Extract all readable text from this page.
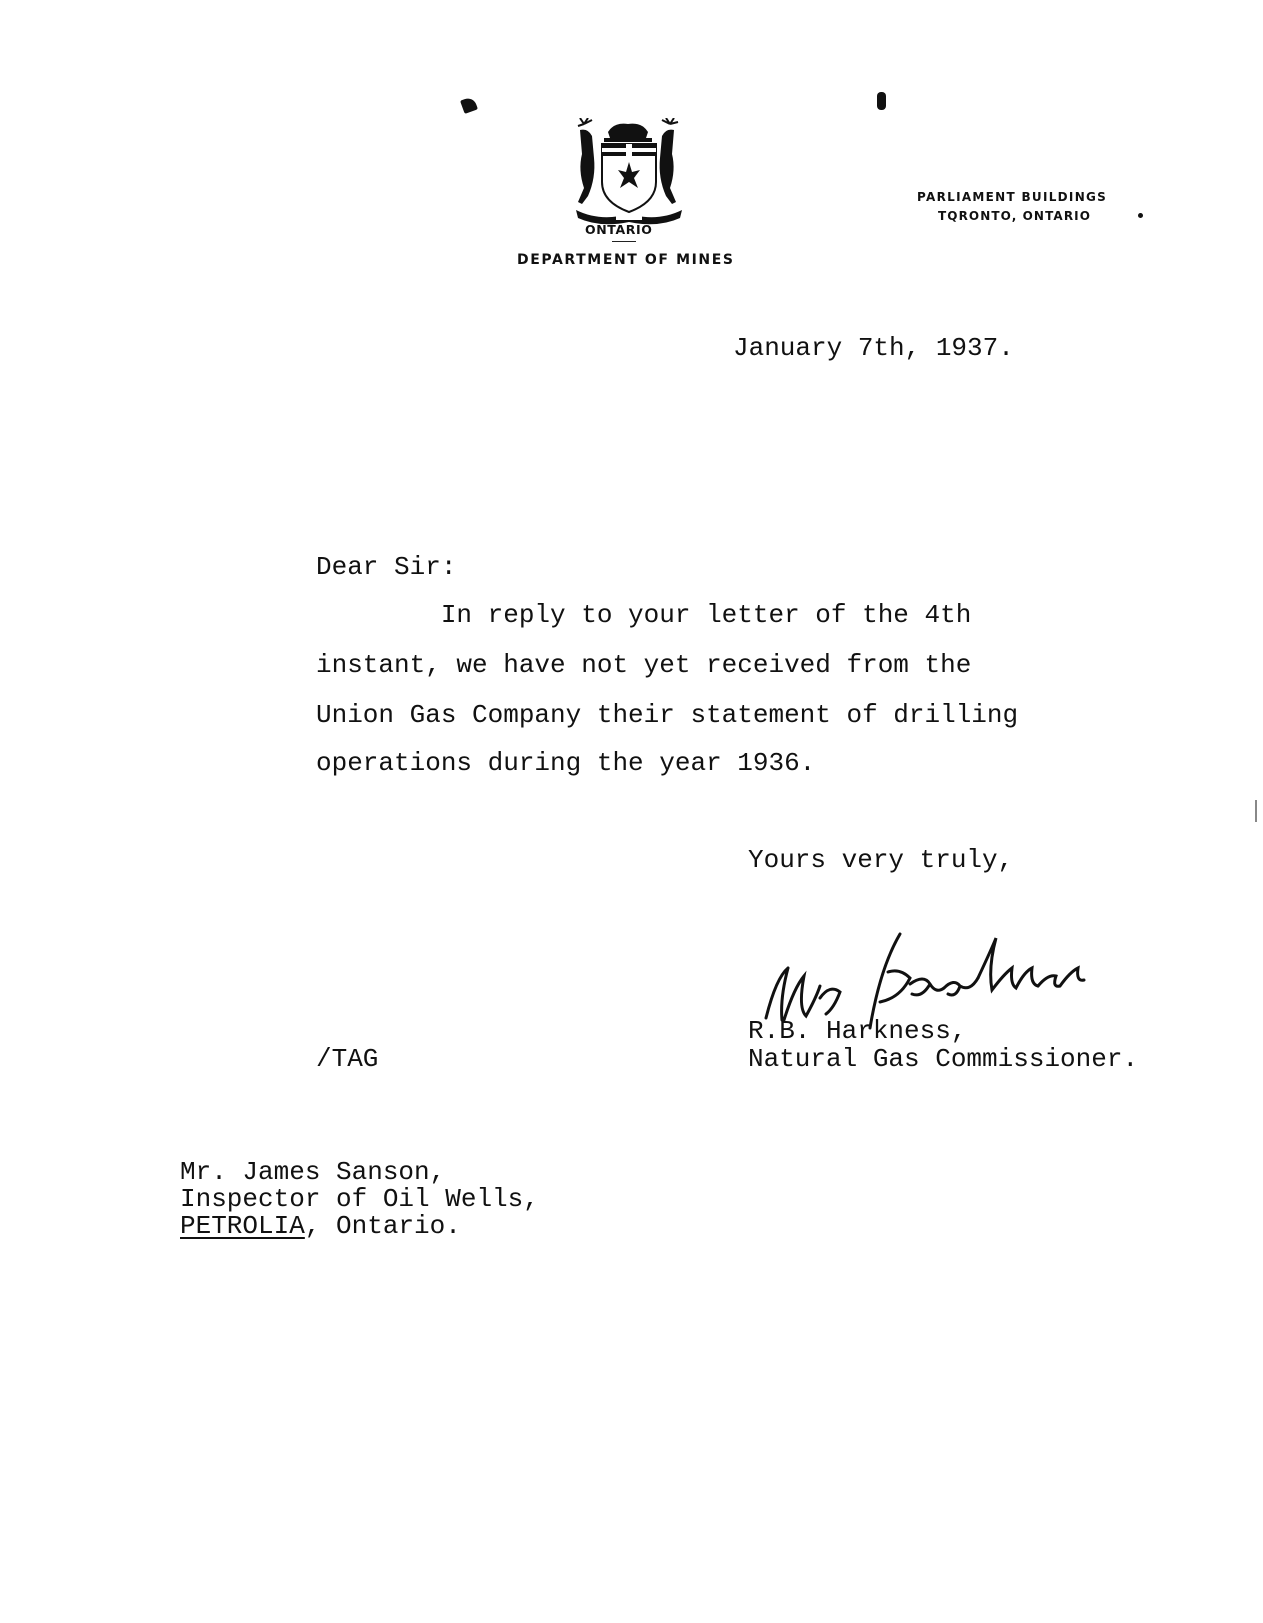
ONTARIO
DEPARTMENT OF MINES
PARLIAMENT BUILDINGS
TQRONTO, ONTARIO
January 7th, 1937.
Dear Sir:
In reply to your letter of the 4th
instant, we have not yet received from the
Union Gas Company their statement of drilling
operations during the year 1936.
Yours very truly,
R.B. Harkness,
Natural Gas Commissioner.
/TAG
Mr. James Sanson,
Inspector of Oil Wells,
PETROLIA, Ontario.
